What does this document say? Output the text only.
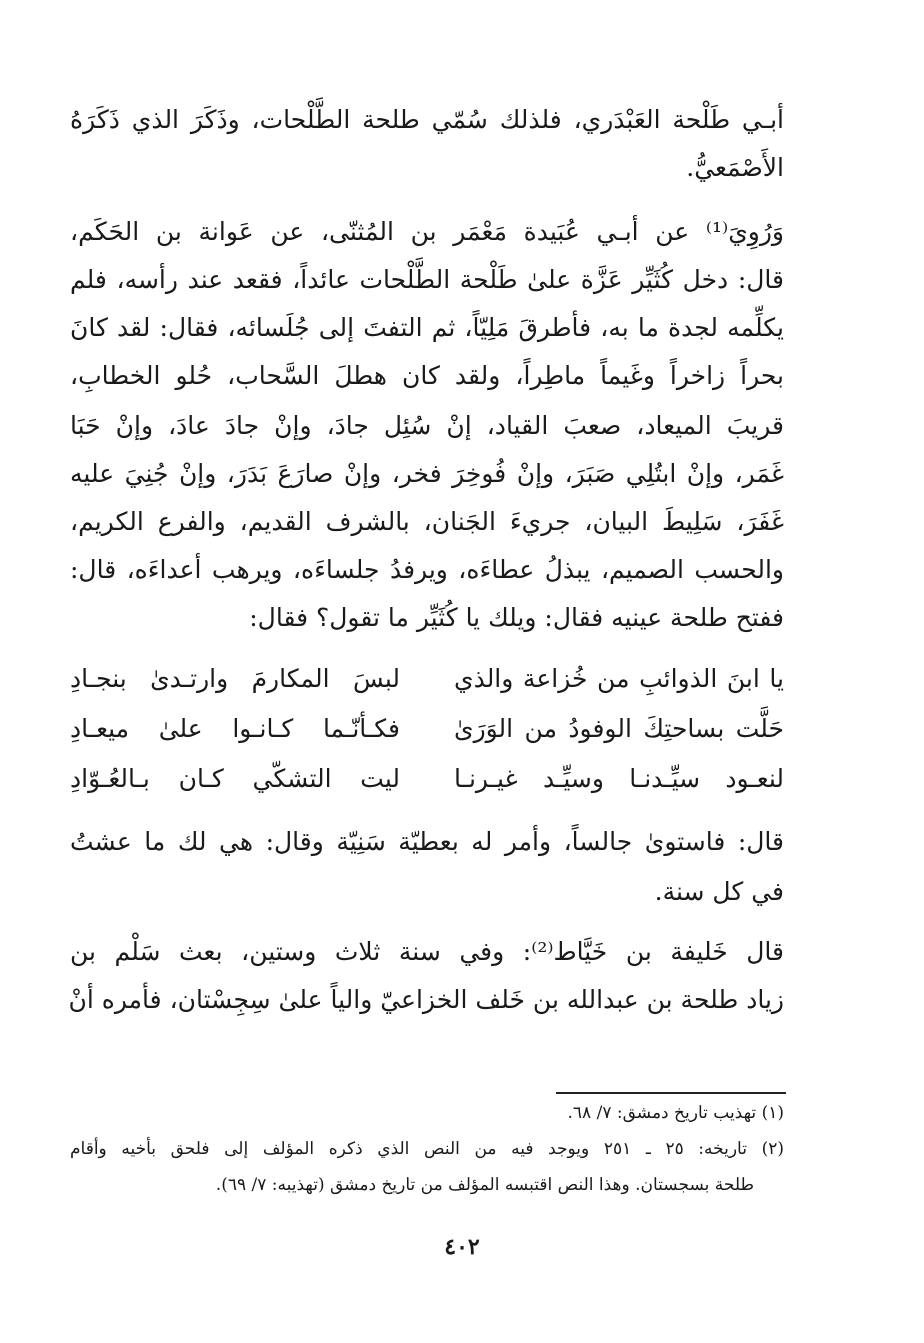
أبـي طَلْحة العَبْدَري، فلذلك سُمّي طلحة الطَّلْحات، وذَكَرَ الذي ذَكَرَهُ
الأَصْمَعيُّ.
وَرُوِيَ⁽¹⁾ عن أبـي عُبَيدة مَعْمَر بن المُثنّى، عن عَوانة بن الحَكَم،
قال: دخل كُثَيِّر عَزَّة علىٰ طَلْحة الطَّلْحات عائداً، فقعد عند رأسه، فلم
يكلِّمه لجدة ما به، فأطرقَ مَلِيّاً، ثم التفتَ إلى جُلَسائه، فقال: لقد كانَ
بحراً زاخراً وغَيماً ماطِراً، ولقد كان هطلَ السَّحاب، حُلو الخطابِ،
قريبَ الميعاد، صعبَ القياد، إنْ سُئِل جادَ، وإنْ جادَ عادَ، وإنْ حَبَا
غَمَر، وإنْ ابتُلِي صَبَرَ، وإنْ فُوخِرَ فخر، وإنْ صارَعَ بَدَرَ، وإنْ جُنِيَ عليه
غَفَرَ، سَلِيطَ البيان، جريءَ الجَنان، بالشرف القديم، والفرع الكريم،
والحسب الصميم، يبذلُ عطاءَه، ويرفدُ جلساءَه، ويرهب أعداءَه، قال:
ففتح طلحة عينيه فقال: ويلك يا كُثَيِّر ما تقول؟ فقال:
يا ابنَ الذوائبِ من خُزاعة والذي
لبسَ المكارمَ وارتـدىٰ بنجـادِ
حَلَّت بساحتِكَ الوفودُ من الوَرَىٰ
فكـأنّـما كـانـوا علىٰ ميعـادِ
لنعـود سيِّـدنـا وسيِّـد غيـرنـا
ليت التشكّي كـان بـالعُـوّادِ
قال: فاستوىٰ جالساً، وأمر له بعطيّة سَنِيّة وقال: هي لك ما عشتُ
في كل سنة.
قال خَليفة بن خَيَّاط⁽²⁾: وفي سنة ثلاث وستين، بعث سَلْم بن
زياد طلحة بن عبدالله بن خَلف الخزاعيّ والياً علىٰ سِجِسْتان، فأمره أنْ
(١) تهذيب تاريخ دمشق: ٧/ ٦٨.
(٢) تاريخه: ٢٥ ـ ٢٥١ ويوجد فيه من النص الذي ذكره المؤلف إلى فلحق بأخيه وأقام
طلحة بسجستان. وهذا النص اقتبسه المؤلف من تاريخ دمشق (تهذيبه: ٧/ ٦٩).
٤٠٢
